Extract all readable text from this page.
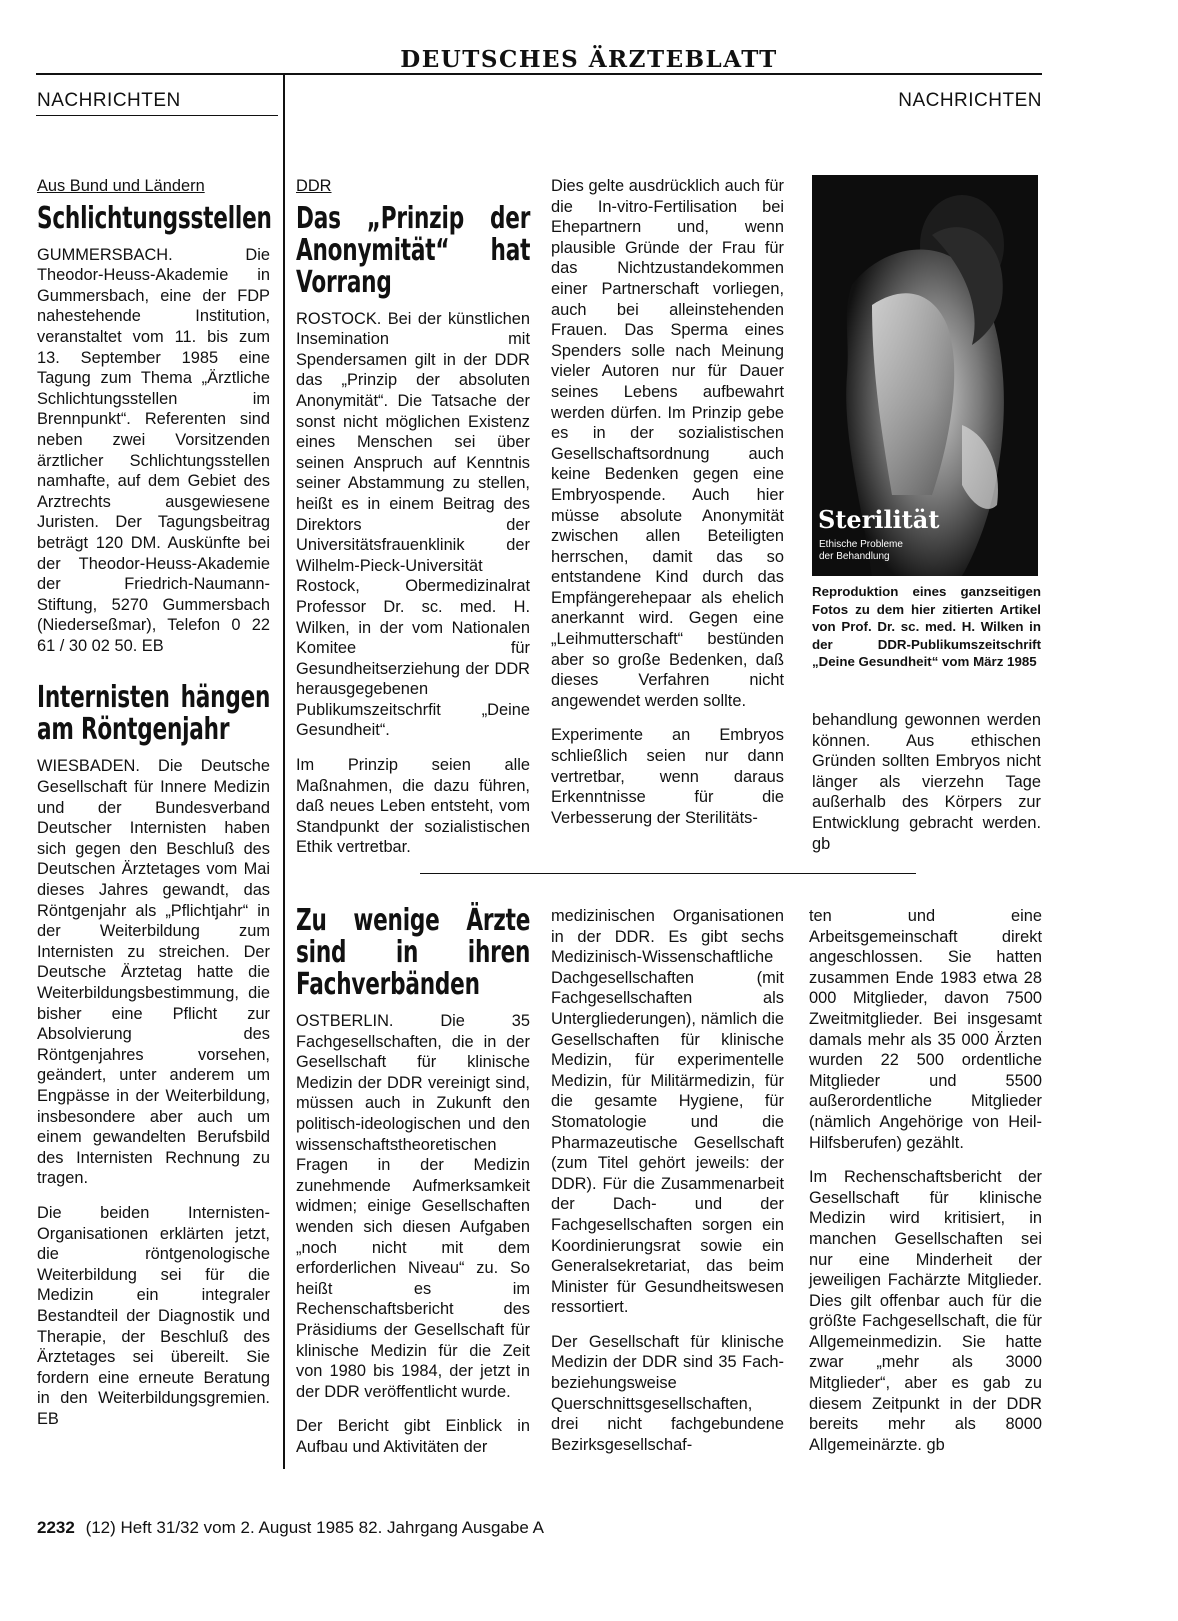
DEUTSCHES ÄRZTEBLATT
NACHRICHTEN	NACHRICHTEN
Aus Bund und Ländern
Schlichtungsstellen

GUMMERSBACH. Die Theodor-Heuss-Akademie in Gummersbach, eine der FDP nahestehende Institution, veranstaltet vom 11. bis zum 13. September 1985 eine Tagung zum Thema „Ärztliche Schlichtungsstellen im Brennpunkt“. Referenten sind neben zwei Vorsitzenden ärztlicher Schlichtungsstellen namhafte, auf dem Gebiet des Arztrechts ausgewiesene Juristen. Der Tagungsbeitrag beträgt 120 DM. Auskünfte bei der Theodor-Heuss-Akademie der Friedrich-Naumann-Stiftung, 5270 Gummersbach (Niederseßmar), Telefon 0 22 61 / 30 02 50. EB

Internisten hängen am Röntgenjahr

WIESBADEN. Die Deutsche Gesellschaft für Innere Medizin und der Bundesverband Deutscher Internisten haben sich gegen den Beschluß des Deutschen Ärztetages vom Mai dieses Jahres gewandt, das Röntgenjahr als „Pflichtjahr“ in der Weiterbildung zum Internisten zu streichen. Der Deutsche Ärztetag hatte die Weiterbildungsbestimmung, die bisher eine Pflicht zur Absolvierung des Röntgenjahres vorsehen, geändert, unter anderem um Engpässe in der Weiterbildung, insbesondere aber auch um einem gewandelten Berufsbild des Internisten Rechnung zu tragen.

Die beiden Internisten-Organisationen erklärten jetzt, die röntgenologische Weiterbildung sei für die Medizin ein integraler Bestandteil der Diagnostik und Therapie, der Beschluß des Ärztetages sei übereilt. Sie fordern eine erneute Beratung in den Weiterbildungsgremien. EB

DDR
Das „Prinzip der Anonymität“ hat Vorrang

ROSTOCK. Bei der künstlichen Insemination mit Spendersamen gilt in der DDR das „Prinzip der absoluten Anonymität“. Die Tatsache der sonst nicht möglichen Existenz eines Menschen sei über seinen Anspruch auf Kenntnis seiner Abstammung zu stellen, heißt es in einem Beitrag des Direktors der Universitätsfrauenklinik der Wilhelm-Pieck-Universität Rostock, Obermedizinalrat Professor Dr. sc. med. H. Wilken, in der vom Nationalen Komitee für Gesundheitserziehung der DDR herausgegebenen Publikumszeitschrfit „Deine Gesundheit“.

Im Prinzip seien alle Maßnahmen, die dazu führen, daß neues Leben entsteht, vom Standpunkt der sozialistischen Ethik vertretbar.

Dies gelte ausdrücklich auch für die In-vitro-Fertilisation bei Ehepartnern und, wenn plausible Gründe der Frau für das Nichtzustandekommen einer Partnerschaft vorliegen, auch bei alleinstehenden Frauen. Das Sperma eines Spenders solle nach Meinung vieler Autoren nur für Dauer seines Lebens aufbewahrt werden dürfen. Im Prinzip gebe es in der sozialistischen Gesellschaftsordnung auch keine Bedenken gegen eine Embryospende. Auch hier müsse absolute Anonymität zwischen allen Beteiligten herrschen, damit das so entstandene Kind durch das Empfängerehepaar als ehelich anerkannt wird. Gegen eine „Leihmutterschaft“ bestünden aber so große Bedenken, daß dieses Verfahren nicht angewendet werden sollte.

Experimente an Embryos schließlich seien nur dann vertretbar, wenn daraus Erkenntnisse für die Verbesserung der Sterilitäts-

Sterilität
Ethische Probleme
der Behandlung
Reproduktion eines ganzseitigen Fotos zu dem hier zitierten Artikel von Prof. Dr. sc. med. H. Wilken in der DDR-Publikumszeitschrift „Deine Gesundheit“ vom März 1985

behandlung gewonnen werden können. Aus ethischen Gründen sollten Embryos nicht länger als vierzehn Tage außerhalb des Körpers zur Entwicklung gebracht werden. gb

Zu wenige Ärzte sind in ihren Fachverbänden

OSTBERLIN. Die 35 Fachgesellschaften, die in der Gesellschaft für klinische Medizin der DDR vereinigt sind, müssen auch in Zukunft den politisch-ideologischen und den wissenschaftstheoretischen Fragen in der Medizin zunehmende Aufmerksamkeit widmen; einige Gesellschaften wenden sich diesen Aufgaben „noch nicht mit dem erforderlichen Niveau“ zu. So heißt es im Rechenschaftsbericht des Präsidiums der Gesellschaft für klinische Medizin für die Zeit von 1980 bis 1984, der jetzt in der DDR veröffentlicht wurde.

Der Bericht gibt Einblick in Aufbau und Aktivitäten der

medizinischen Organisationen in der DDR. Es gibt sechs Medizinisch-Wissenschaftliche Dachgesellschaften (mit Fachgesellschaften als Untergliederungen), nämlich die Gesellschaften für klinische Medizin, für experimentelle Medizin, für Militärmedizin, für die gesamte Hygiene, für Stomatologie und die Pharmazeutische Gesellschaft (zum Titel gehört jeweils: der DDR). Für die Zusammenarbeit der Dach- und der Fachgesellschaften sorgen ein Koordinierungsrat sowie ein Generalsekretariat, das beim Minister für Gesundheitswesen ressortiert.

Der Gesellschaft für klinische Medizin der DDR sind 35 Fach- beziehungsweise Querschnittsgesellschaften, drei nicht fachgebundene Bezirksgesellschaf-

ten und eine Arbeitsgemeinschaft direkt angeschlossen. Sie hatten zusammen Ende 1983 etwa 28 000 Mitglieder, davon 7500 Zweitmitglieder. Bei insgesamt damals mehr als 35 000 Ärzten wurden 22 500 ordentliche Mitglieder und 5500 außerordentliche Mitglieder (nämlich Angehörige von Heil-Hilfsberufen) gezählt.

Im Rechenschaftsbericht der Gesellschaft für klinische Medizin wird kritisiert, in manchen Gesellschaften sei nur eine Minderheit der jeweiligen Fachärzte Mitglieder. Dies gilt offenbar auch für die größte Fachgesellschaft, die für Allgemeinmedizin. Sie hatte zwar „mehr als 3000 Mitglieder“, aber es gab zu diesem Zeitpunkt in der DDR bereits mehr als 8000 Allgemeinärzte. gb

2232 (12) Heft 31/32 vom 2. August 1985 82. Jahrgang Ausgabe A
